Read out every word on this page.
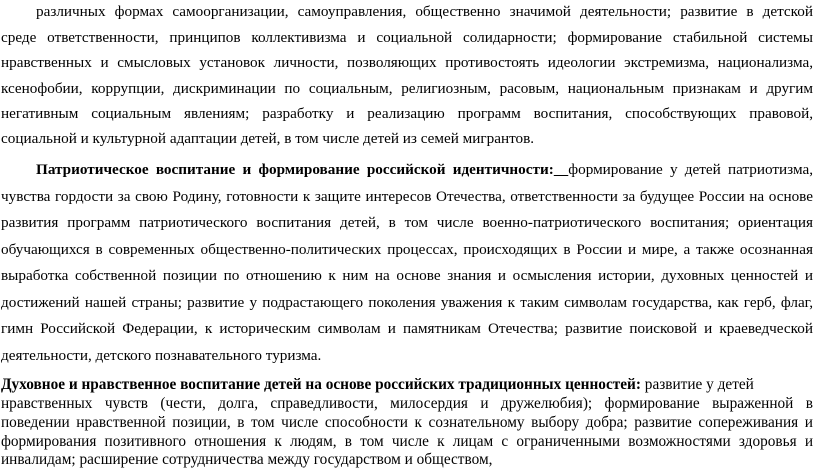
различных формах самоорганизации, самоуправления, общественно значимой деятельности; развитие в детской

среде ответственности, принципов коллективизма и социальной солидарности; формирование стабильной системы

нравственных и смысловых установок личности, позволяющих противостоять идеологии экстремизма, национализма,

ксенофобии, коррупции, дискриминации по социальным, религиозным, расовым, национальным признакам и другим

негативным социальным явлениям; разработку и реализацию программ воспитания, способствующих правовой,

социальной и культурной адаптации детей, в том числе детей из семей мигрантов.

Патриотическое воспитание и формирование российской идентичности: формирование у детей патриотизма,

чувства гордости за свою Родину, готовности к защите интересов Отечества, ответственности за будущее России на основе

развития программ патриотического воспитания детей, в том числе военно-патриотического воспитания; ориентация

обучающихся в современных общественно-политических процессах, происходящих в России и мире, а также осознанная

выработка собственной позиции по отношению к ним на основе знания и осмысления истории, духовных ценностей и

достижений нашей страны; развитие у подрастающего поколения уважения к таким символам государства, как герб, флаг,

гимн Российской Федерации, к историческим символам и памятникам Отечества; развитие поисковой и краеведческой

деятельности, детского познавательного туризма.

Духовное и нравственное воспитание детей на основе российских традиционных ценностей: развитие у детей

нравственных чувств (чести, долга, справедливости, милосердия и дружелюбия); формирование выраженной в

поведении нравственной позиции, в том числе способности к сознательному выбору добра; развитие сопереживания и

формирования позитивного отношения к людям, в том числе к лицам с ограниченными возможностями здоровья и

инвалидам; расширение сотрудничества между государством и обществом,
